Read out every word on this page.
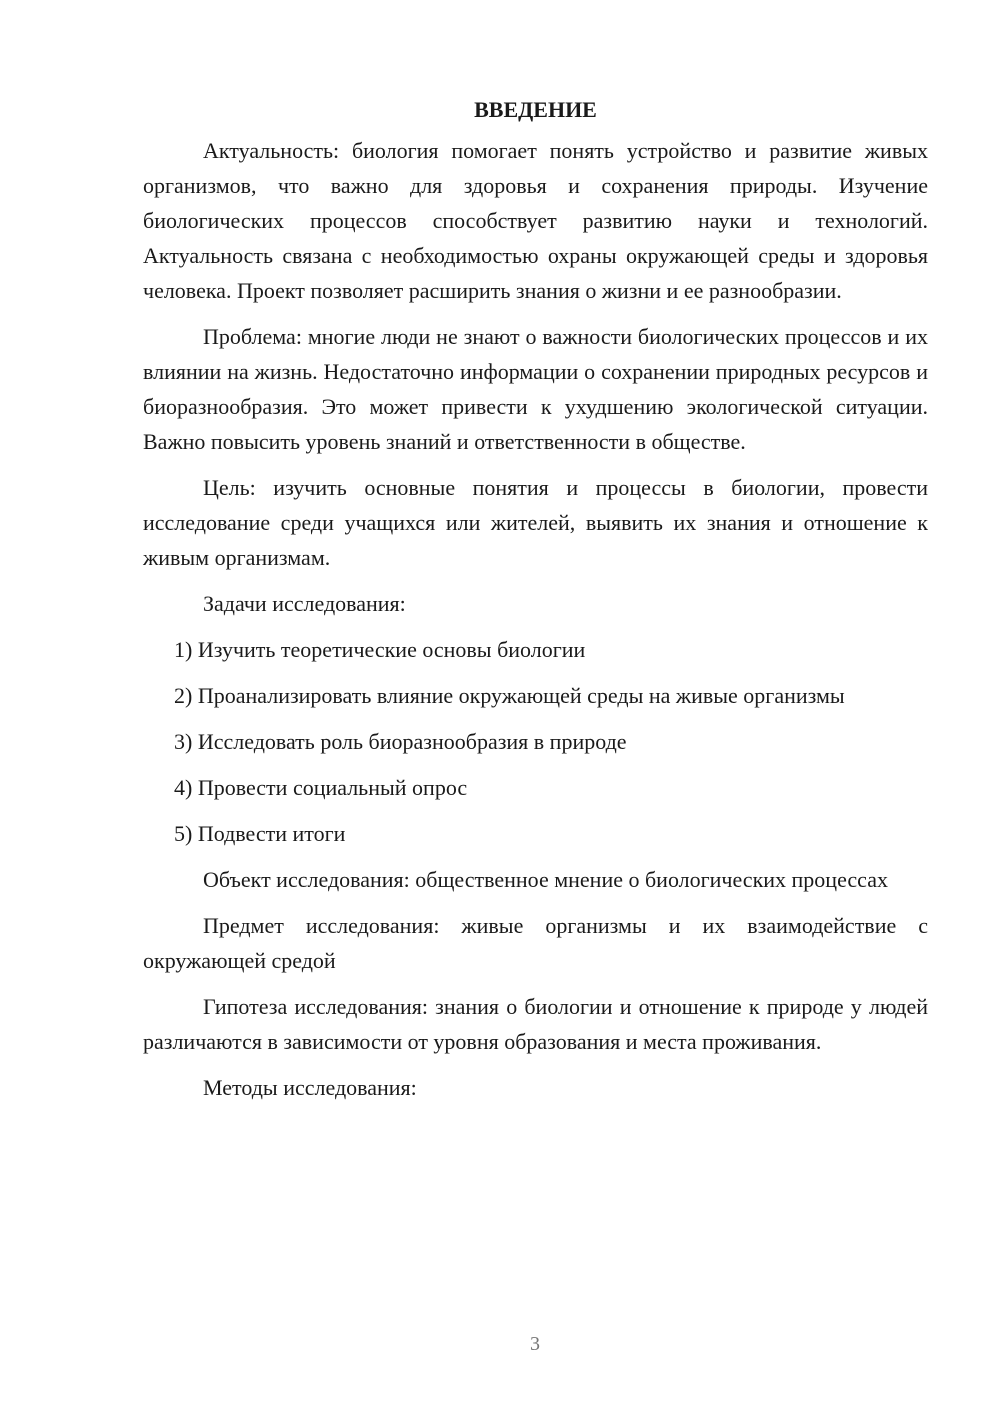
ВВЕДЕНИЕ

Актуальность: биология помогает понять устройство и развитие живых организмов, что важно для здоровья и сохранения природы. Изучение биологических процессов способствует развитию науки и технологий. Актуальность связана с необходимостью охраны окружающей среды и здоровья человека. Проект позволяет расширить знания о жизни и ее разнообразии.

Проблема: многие люди не знают о важности биологических процессов и их влиянии на жизнь. Недостаточно информации о сохранении природных ресурсов и биоразнообразия. Это может привести к ухудшению экологической ситуации. Важно повысить уровень знаний и ответственности в обществе.

Цель: изучить основные понятия и процессы в биологии, провести исследование среди учащихся или жителей, выявить их знания и отношение к живым организмам.

Задачи исследования:

1) Изучить теоретические основы биологии

2) Проанализировать влияние окружающей среды на живые организмы

3) Исследовать роль биоразнообразия в природе

4) Провести социальный опрос

5) Подвести итоги

Объект исследования: общественное мнение о биологических процессах

Предмет исследования: живые организмы и их взаимодействие с окружающей средой

Гипотеза исследования: знания о биологии и отношение к природе у людей различаются в зависимости от уровня образования и места проживания.

Методы исследования:

3
